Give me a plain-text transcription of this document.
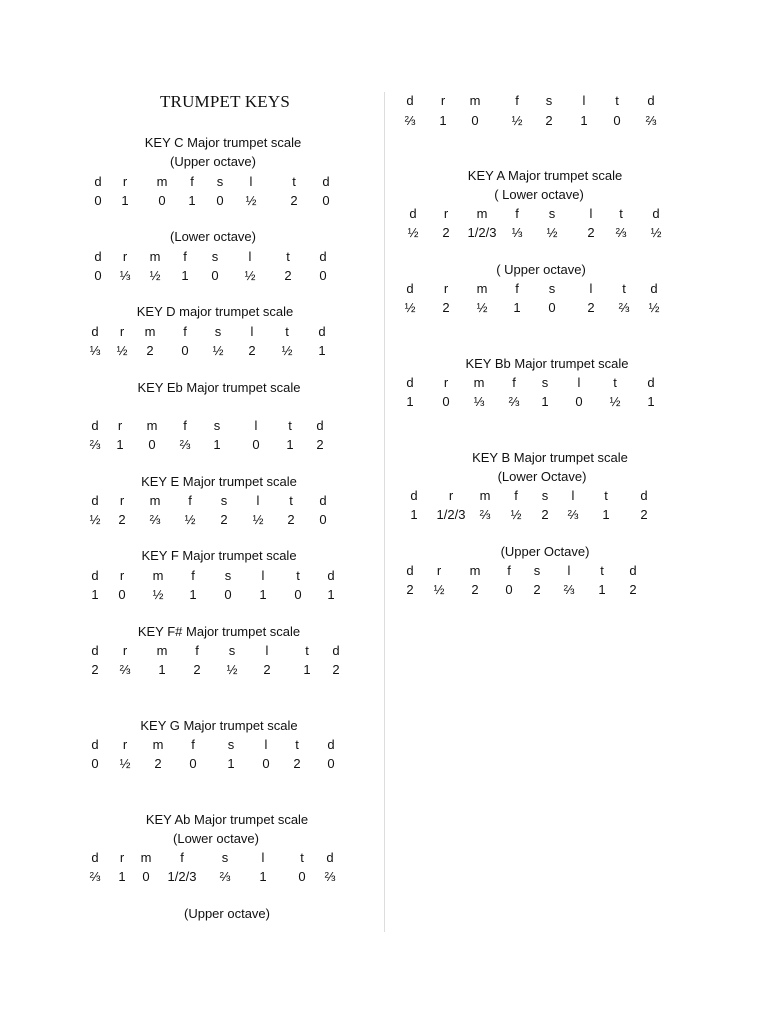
TRUMPET KEYS
KEY C Major trumpet scale
(Upper octave)
d r m f s l	t d
0 1 0 1 0 ½	2 0
(Lower octave)
d r m f s l	t d
0 ⅓ ½ 1 0 ½ 2 0
KEY D major trumpet scale
d r m f s l t d
⅓ ½ 2 0 ½ 2 ½ 1
KEY Eb Major trumpet scale
d r m f s	l t d
⅔ 1 0 ⅔ 1 0 1 2
KEY E Major trumpet scale
d r m f s l t d
½ 2 ⅔ ½ 2 ½ 2 0
KEY F Major trumpet scale
d r m f s l t d
1 0 ½ 1 0 1 0 1
KEY F# Major trumpet scale
d r m f s l	t d
2 ⅔ 1 2 ½ 2	1 2
KEY G Major trumpet scale
d r m f	s l t d
0 ½ 2 0 1 0 2 0
KEY Ab Major trumpet scale
(Lower octave)
d r m f	s	l	t d
⅔ 1 0 1/2/3 ⅔ 1 0 ⅔
(Upper octave)
d r m	f s l t d
⅔ 1 0	½ 2 1 0 ⅔
KEY A Major trumpet scale
( Lower octave)
d r m f s	l t d
½ 2 1/2/3 ⅓ ½ 2 ⅔ ½
( Upper octave)
d r m f s	l t d
½ 2 ½ 1 0 2 ⅔ ½
KEY Bb Major trumpet scale
d r m f s l	t d
1 0 ⅓ ⅔ 1 0 ½ 1
KEY B Major trumpet scale
(Lower Octave)
d r m f s l t	d
1 1/2/3 ⅔ ½ 2 ⅔ 1 2
(Upper Octave)
d r m f s l t d
2 ½ 2 0 2 ⅔ 1 2
